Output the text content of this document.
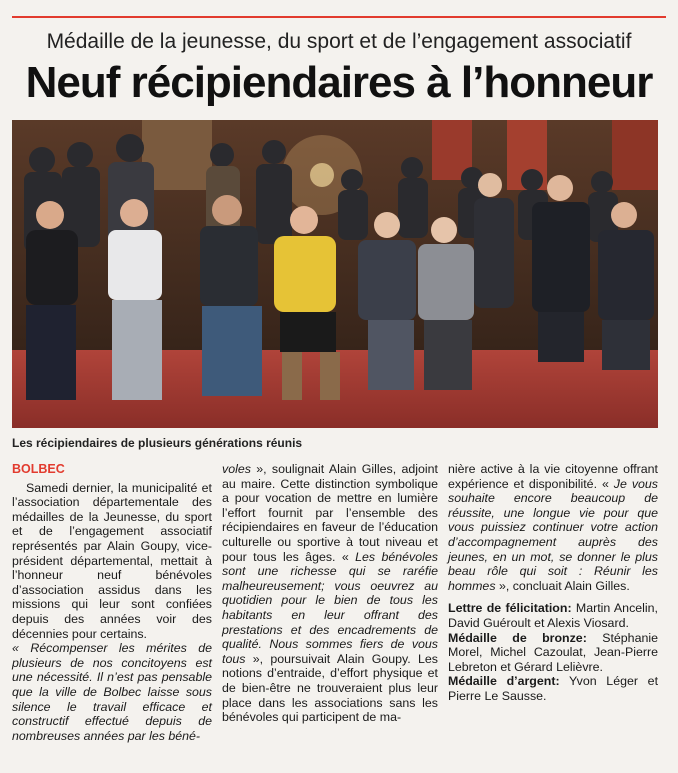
Médaille de la jeunesse, du sport et de l’engagement associatif
Neuf récipiendaires à l’honneur
Les récipiendaires de plusieurs générations réunis
BOLBEC
Samedi dernier, la municipalité et l’association départementale des médailles de la Jeunesse, du sport et de l’engagement associatif représentés par Alain Goupy, vice-président départemental, mettait à l’honneur neuf bénévoles d’association assidus dans les missions qui leur sont confiées depuis des années voir des décennies pour certains.
« Récompenser les mérites de plusieurs de nos concitoyens est une nécessité. Il n’est pas pensable que la ville de Bolbec laisse sous silence le travail efficace et constructif effectué depuis de nombreuses années par les béné-
voles », soulignait Alain Gilles, adjoint au maire. Cette distinction symbolique a pour vocation de mettre en lumière l’effort fournit par l’ensemble des récipiendaires en faveur de l’éducation culturelle ou sportive à tout niveau et pour tous les âges. « Les bénévoles sont une richesse qui se raréfie malheureusement; vous oeuvrez au quotidien pour le bien de tous les habitants en leur offrant des prestations et des encadrements de qualité. Nous sommes fiers de vous tous », poursuivait Alain Goupy. Les notions d’entraide, d’effort physique et de bien-être ne trouveraient plus leur place dans les associations sans les bénévoles qui participent de ma-
nière active à la vie citoyenne offrant expérience et disponibilité. « Je vous souhaite encore beaucoup de réussite, une longue vie pour que vous puissiez continuer votre action d’accompagnement auprès des jeunes, en un mot, se donner le plus beau rôle qui soit : Réunir les hommes », concluait Alain Gilles.
Lettre de félicitation: Martin Ancelin, David Guéroult et Alexis Viosard.
Médaille de bronze: Stéphanie Morel, Michel Cazoulat, Jean-Pierre Lebreton et Gérard Lelièvre.
Médaille d’argent: Yvon Léger et Pierre Le Sausse.
